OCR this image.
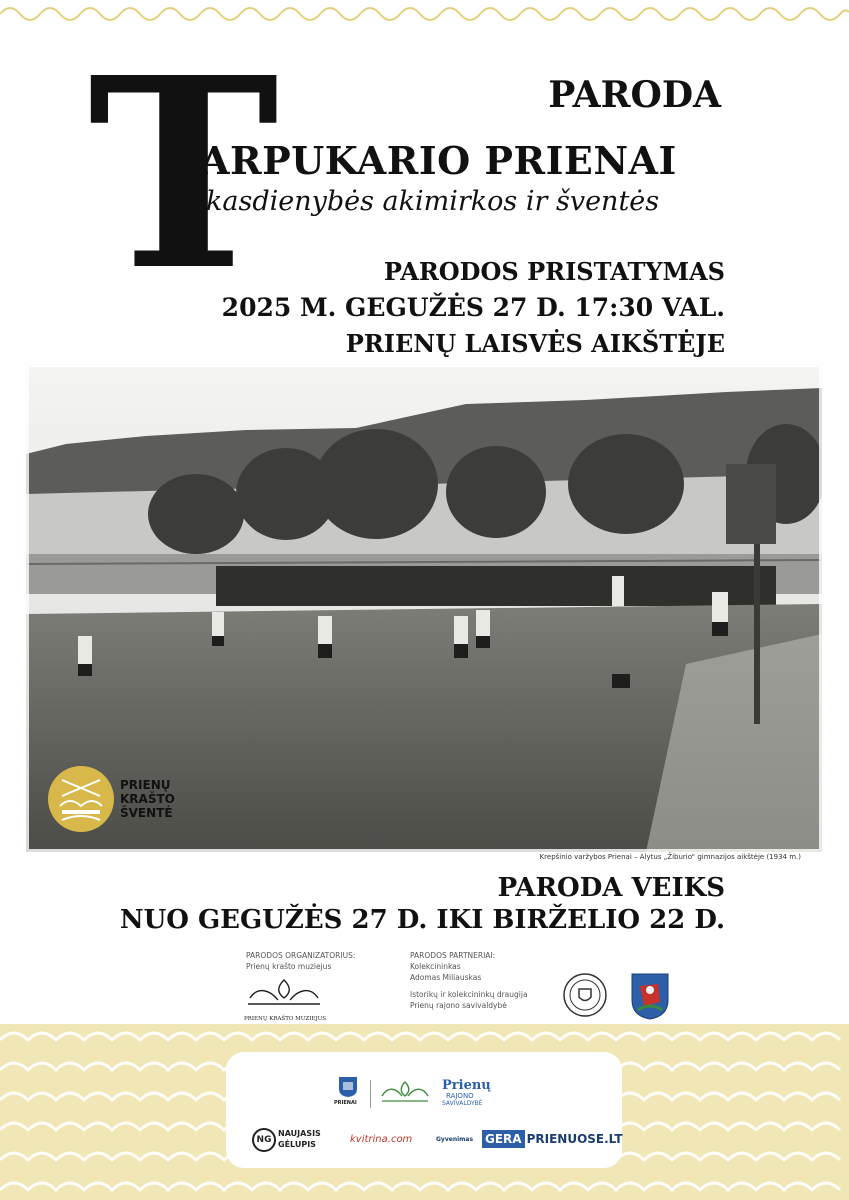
T	PARODA
ARPUKARIO PRIENAI
kasdienybės akimirkos ir šventės
PARODOS PRISTATYMAS
2025 M. GEGUŽĖS 27 D. 17:30 VAL.
PRIENŲ LAISVĖS AIKŠTĖJE
Krepšinio varžybos Prienai – Alytus „Žiburio“ gimnazijos aikštėje (1934 m.)
PRIENŲ
KRAŠTO
ŠVENTĖ
PARODA VEIKS
NUO GEGUŽĖS 27 D. IKI BIRŽELIO 22 D.
PARODOS ORGANIZATORIUS:
Prienų krašto muziejus
PRIENŲ KRAŠTO MUZIEJUS
PARODOS PARTNERIAI:
Kolekcininkas
Adomas Miliauskas
Istorikų ir kolekcininkų draugija
Prienų rajono savivaldybė
PRIENAI
Prienų
RAJONO
SAVIVALDYBĖ
NG
NAUJASIS
GĖLUPIS	kvitrina.com	Gyvenimas GERA PRIENUOSE.LT
